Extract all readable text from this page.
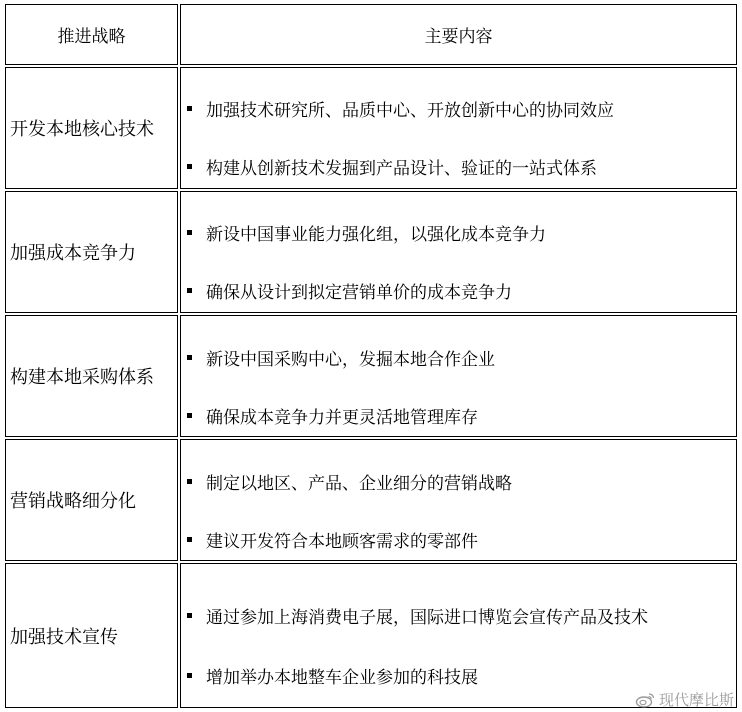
推进战略	主要内容
开发本地核心技术
加强技术研究所、品质中心、开放创新中心的协同效应
构建从创新技术发掘到产品设计、验证的一站式体系
加强成本竞争力
新设中国事业能力强化组，以强化成本竞争力
确保从设计到拟定营销单价的成本竞争力
构建本地采购体系
新设中国采购中心，发掘本地合作企业
确保成本竞争力并更灵活地管理库存
营销战略细分化
制定以地区、产品、企业细分的营销战略
建议开发符合本地顾客需求的零部件
加强技术宣传
通过参加上海消费电子展，国际进口博览会宣传产品及技术
增加举办本地整车企业参加的科技展
现代摩比斯
